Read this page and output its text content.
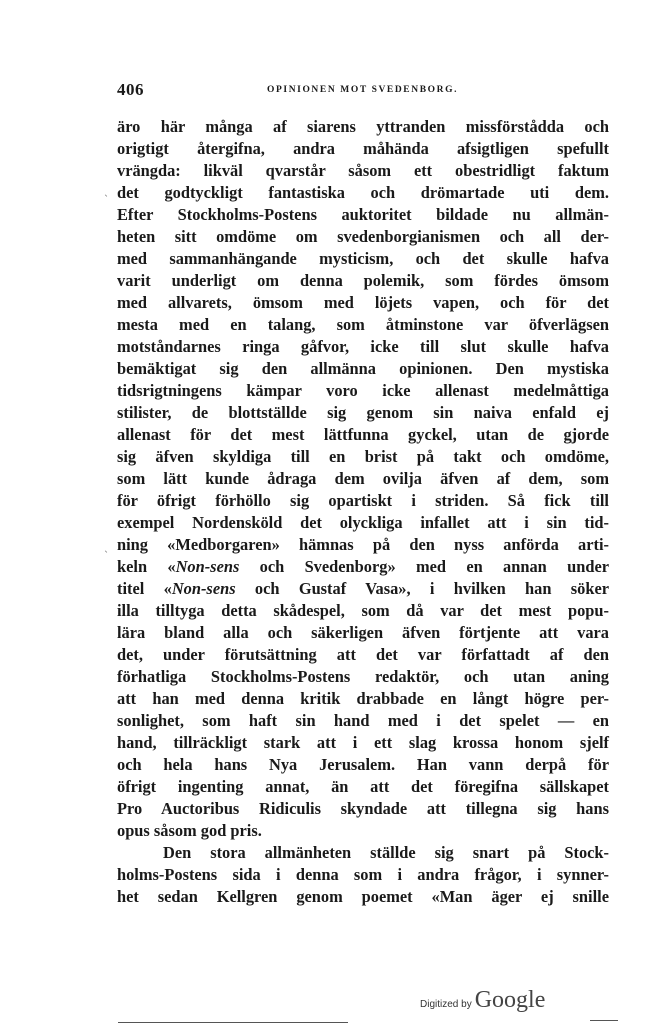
406	OPINIONEN MOT SVEDENBORG.
äro här många af siarens yttranden missförstådda och
origtigt återgifna, andra måhända afsigtligen spefullt
vrängda: likväl qvarstår såsom ett obestridligt faktum
det godtyckligt fantastiska och drömartade uti dem.
Efter Stockholms-Postens auktoritet bildade nu allmän-
heten sitt omdöme om svedenborgianismen och all der-
med sammanhängande mysticism, och det skulle hafva
varit underligt om denna polemik, som fördes ömsom
med allvarets, ömsom med löjets vapen, och för det
mesta med en talang, som åtminstone var öfverlägsen
motståndarnes ringa gåfvor, icke till slut skulle hafva
bemäktigat sig den allmänna opinionen. Den mystiska
tidsrigtningens kämpar voro icke allenast medelmåttiga
stilister, de blottställde sig genom sin naiva enfald ej
allenast för det mest lättfunna gyckel, utan de gjorde
sig äfven skyldiga till en brist på takt och omdöme,
som lätt kunde ådraga dem ovilja äfven af dem, som
för öfrigt förhöllo sig opartiskt i striden. Så fick till
exempel Nordensköld det olyckliga infallet att i sin tid-
ning «Medborgaren» hämnas på den nyss anförda arti-
keln «Non-sens och Svedenborg» med en annan under
titel «Non-sens och Gustaf Vasa», i hvilken han söker
illa tilltyga detta skådespel, som då var det mest popu-
lära bland alla och säkerligen äfven förtjente att vara
det, under förutsättning att det var författadt af den
förhatliga Stockholms-Postens redaktör, och utan aning
att han med denna kritik drabbade en långt högre per-
sonlighet, som haft sin hand med i det spelet — en
hand, tillräckligt stark att i ett slag krossa honom sjelf
och hela hans Nya Jerusalem. Han vann derpå för
öfrigt ingenting annat, än att det föregifna sällskapet
Pro Auctoribus Ridiculis skyndade att tillegna sig hans
opus såsom god pris.
Den stora allmänheten ställde sig snart på Stock-
holms-Postens sida i denna som i andra frågor, i synner-
het sedan Kellgren genom poemet «Man äger ej snille
ˎ
ˎ
Digitized by Google
